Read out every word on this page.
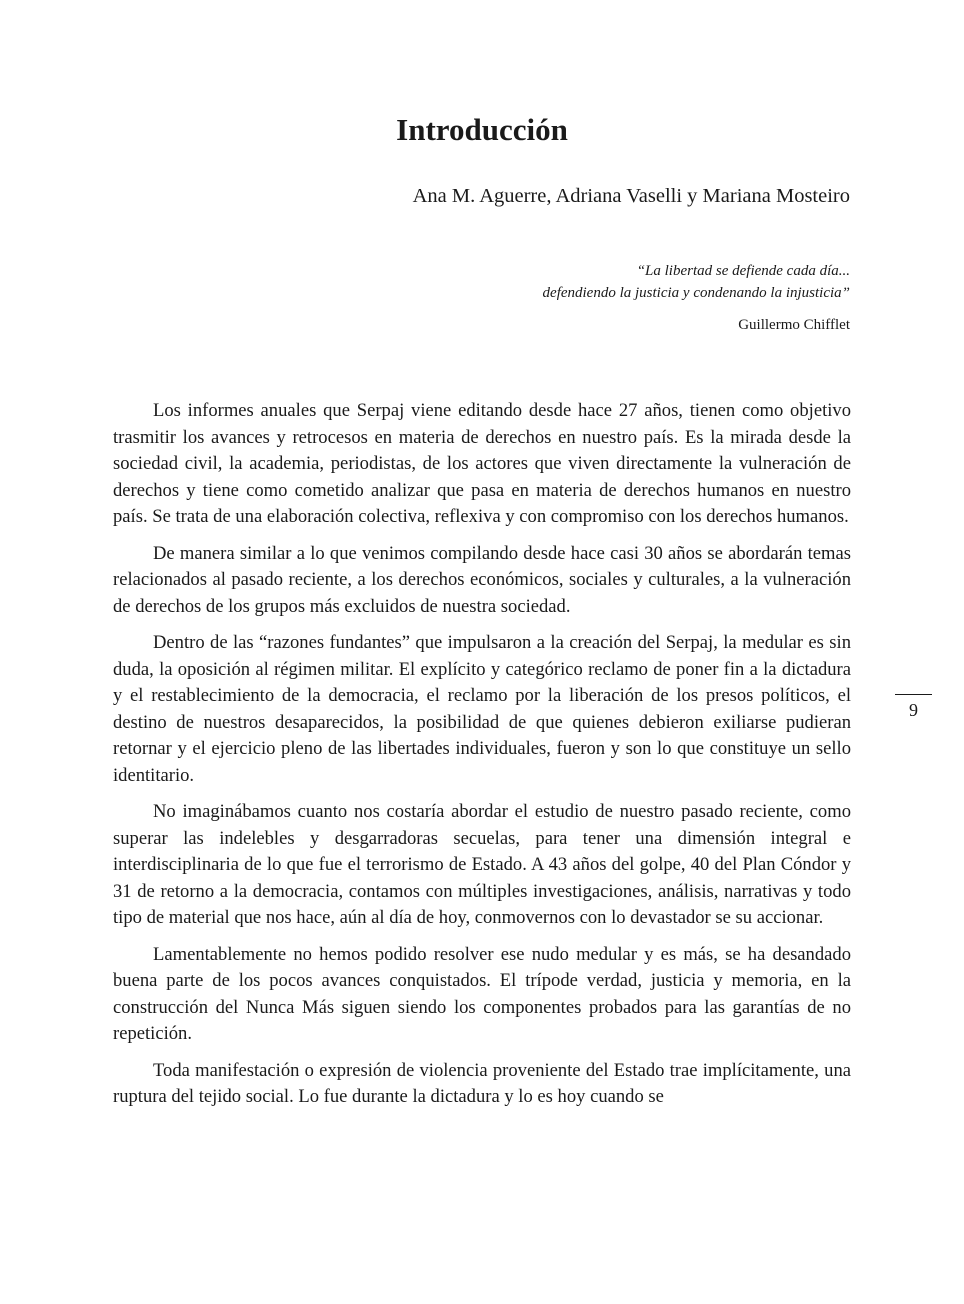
Introducción
Ana M. Aguerre, Adriana Vaselli y Mariana Mosteiro
“La libertad se defiende cada día...
defendiendo la justicia y condenando la injusticia”
Guillermo Chifflet

Los informes anuales que Serpaj viene editando desde hace 27 años, tienen como objetivo trasmitir los avances y retrocesos en materia de derechos en nuestro país. Es la mirada desde la sociedad civil, la academia, periodistas, de los actores que viven directamente la vulneración de derechos y tiene como cometido analizar que pasa en materia de derechos humanos en nuestro país. Se trata de una elaboración colectiva, reflexiva y con compromiso con los derechos humanos.

De manera similar a lo que venimos compilando desde hace casi 30 años se abordarán temas relacionados al pasado reciente, a los derechos económicos, sociales y culturales, a la vulneración de derechos de los grupos más excluidos de nuestra sociedad.

Dentro de las “razones fundantes” que impulsaron a la creación del Serpaj, la medular es sin duda, la oposición al régimen militar. El explícito y categórico reclamo de poner fin a la dictadura y el restablecimiento de la democracia, el reclamo por la liberación de los presos políticos, el destino de nuestros desaparecidos, la posibilidad de que quienes debieron exiliarse pudieran retornar y el ejercicio pleno de las libertades individuales, fueron y son lo que constituye un sello identitario.

No imaginábamos cuanto nos costaría abordar el estudio de nuestro pasado reciente, como superar las indelebles y desgarradoras secuelas, para tener una dimensión integral e interdisciplinaria de lo que fue el terrorismo de Estado. A 43 años del golpe, 40 del Plan Cóndor y 31 de retorno a la democracia, contamos con múltiples investigaciones, análisis, narrativas y todo tipo de material que nos hace, aún al día de hoy, conmovernos con lo devastador se su accionar.

Lamentablemente no hemos podido resolver ese nudo medular y es más, se ha desandado buena parte de los pocos avances conquistados. El trípode verdad, justicia y memoria, en la construcción del Nunca Más siguen siendo los componentes probados para las garantías de no repetición.

Toda manifestación o expresión de violencia proveniente del Estado trae implícitamente, una ruptura del tejido social. Lo fue durante la dictadura y lo es hoy cuando se

9
